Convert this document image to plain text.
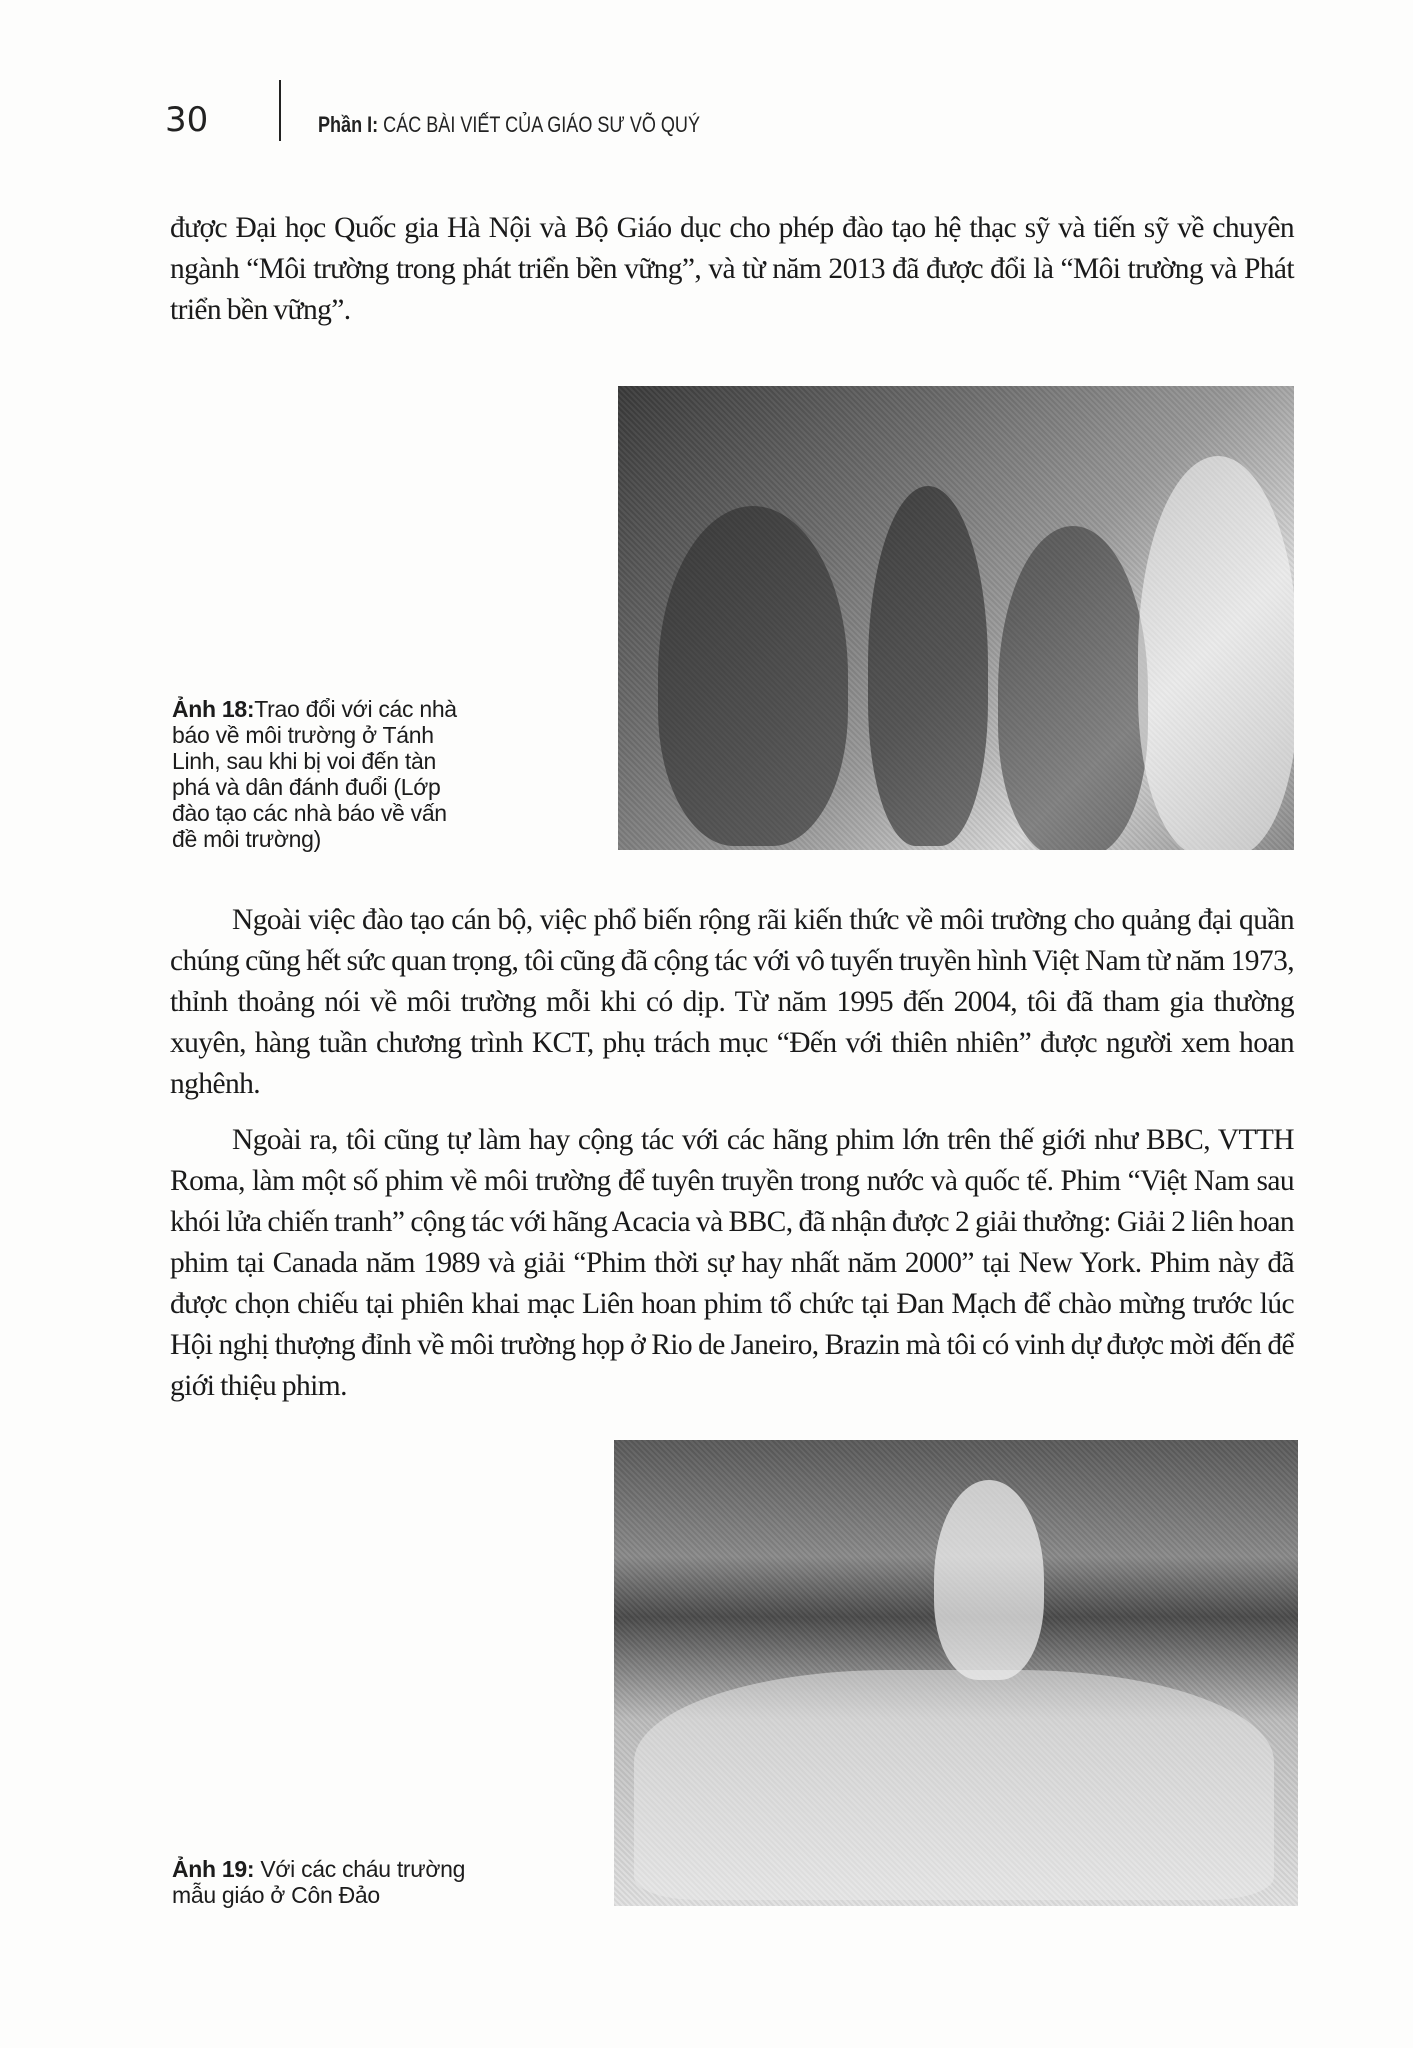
30	Phần I: CÁC BÀI VIẾT CỦA GIÁO SƯ VÕ QUÝ

được Đại học Quốc gia Hà Nội và Bộ Giáo dục cho phép đào tạo hệ thạc sỹ và tiến sỹ về chuyên ngành “Môi trường trong phát triển bền vững”, và từ năm 2013 đã được đổi là “Môi trường và Phát triển bền vững”.

Ảnh 18:Trao đổi với các nhà báo về môi trường ở Tánh Linh, sau khi bị voi đến tàn phá và dân đánh đuổi (Lớp đào tạo các nhà báo về vấn đề môi trường)

Ngoài việc đào tạo cán bộ, việc phổ biến rộng rãi kiến thức về môi trường cho quảng đại quần chúng cũng hết sức quan trọng, tôi cũng đã cộng tác với vô tuyến truyền hình Việt Nam từ năm 1973, thỉnh thoảng nói về môi trường mỗi khi có dịp. Từ năm 1995 đến 2004, tôi đã tham gia thường xuyên, hàng tuần chương trình KCT, phụ trách mục “Đến với thiên nhiên” được người xem hoan nghênh.

Ngoài ra, tôi cũng tự làm hay cộng tác với các hãng phim lớn trên thế giới như BBC, VTTH Roma, làm một số phim về môi trường để tuyên truyền trong nước và quốc tế. Phim “Việt Nam sau khói lửa chiến tranh” cộng tác với hãng Acacia và BBC, đã nhận được 2 giải thưởng: Giải 2 liên hoan phim tại Canada năm 1989 và giải “Phim thời sự hay nhất năm 2000” tại New York. Phim này đã được chọn chiếu tại phiên khai mạc Liên hoan phim tổ chức tại Đan Mạch để chào mừng trước lúc Hội nghị thượng đỉnh về môi trường họp ở Rio de Janeiro, Brazin mà tôi có vinh dự được mời đến để giới thiệu phim.

Ảnh 19: Với các cháu trường mẫu giáo ở Côn Đảo
